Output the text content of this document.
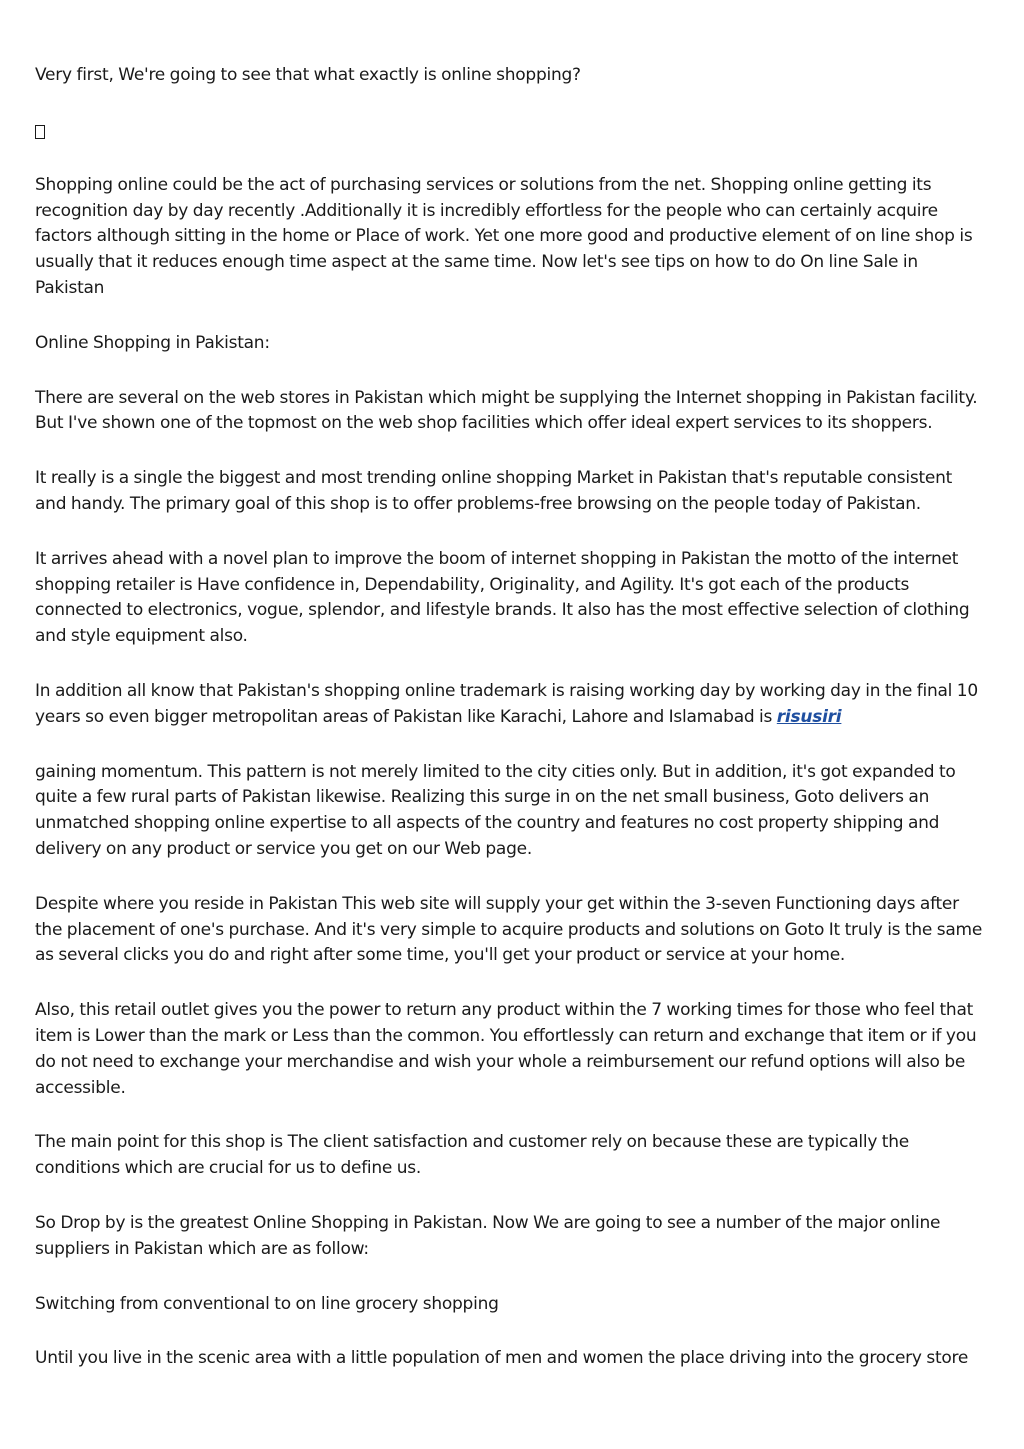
Very first, We're going to see that what exactly is online shopping?

Shopping online could be the act of purchasing services or solutions from the net. Shopping online getting its recognition day by day recently .Additionally it is incredibly effortless for the people who can certainly acquire factors although sitting in the home or Place of work. Yet one more good and productive element of on line shop is usually that it reduces enough time aspect at the same time. Now let's see tips on how to do On line Sale in Pakistan

Online Shopping in Pakistan:

There are several on the web stores in Pakistan which might be supplying the Internet shopping in Pakistan facility. But I've shown one of the topmost on the web shop facilities which offer ideal expert services to its shoppers.

It really is a single the biggest and most trending online shopping Market in Pakistan that's reputable consistent and handy. The primary goal of this shop is to offer problems-free browsing on the people today of Pakistan.

It arrives ahead with a novel plan to improve the boom of internet shopping in Pakistan the motto of the internet shopping retailer is Have confidence in, Dependability, Originality, and Agility. It's got each of the products connected to electronics, vogue, splendor, and lifestyle brands. It also has the most effective selection of clothing and style equipment also.

In addition all know that Pakistan's shopping online trademark is raising working day by working day in the final 10 years so even bigger metropolitan areas of Pakistan like Karachi, Lahore and Islamabad is risusiri

gaining momentum. This pattern is not merely limited to the city cities only. But in addition, it's got expanded to quite a few rural parts of Pakistan likewise. Realizing this surge in on the net small business, Goto delivers an unmatched shopping online expertise to all aspects of the country and features no cost property shipping and delivery on any product or service you get on our Web page.

Despite where you reside in Pakistan This web site will supply your get within the 3-seven Functioning days after the placement of one's purchase. And it's very simple to acquire products and solutions on Goto It truly is the same as several clicks you do and right after some time, you'll get your product or service at your home.

Also, this retail outlet gives you the power to return any product within the 7 working times for those who feel that item is Lower than the mark or Less than the common. You effortlessly can return and exchange that item or if you do not need to exchange your merchandise and wish your whole a reimbursement our refund options will also be accessible.

The main point for this shop is The client satisfaction and customer rely on because these are typically the conditions which are crucial for us to define us.

So Drop by is the greatest Online Shopping in Pakistan. Now We are going to see a number of the major online suppliers in Pakistan which are as follow:

Switching from conventional to on line grocery shopping

Until you live in the scenic area with a little population of men and women the place driving into the grocery store
